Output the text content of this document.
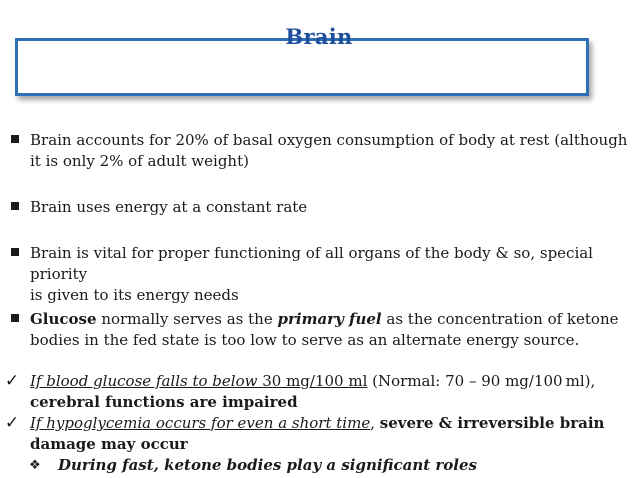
Brain
Brain accounts for 20% of basal oxygen consumption of body at rest (although
it is only 2% of adult weight)
Brain uses energy at a constant rate
Brain is vital for proper functioning of all organs of the body & so, special priority
is given to its energy needs
Glucose normally serves as the primary fuel as the concentration of ketone
bodies in the fed state is too low to serve as an alternate energy source.
✓ If blood glucose falls to below 30 mg/100 ml (Normal: 70 – 90 mg/100 ml),
cerebral functions are impaired
✓ If hypoglycemia occurs for even a short time, severe & irreversible brain
damage may occur
❖ During fast, ketone bodies play a significant roles
